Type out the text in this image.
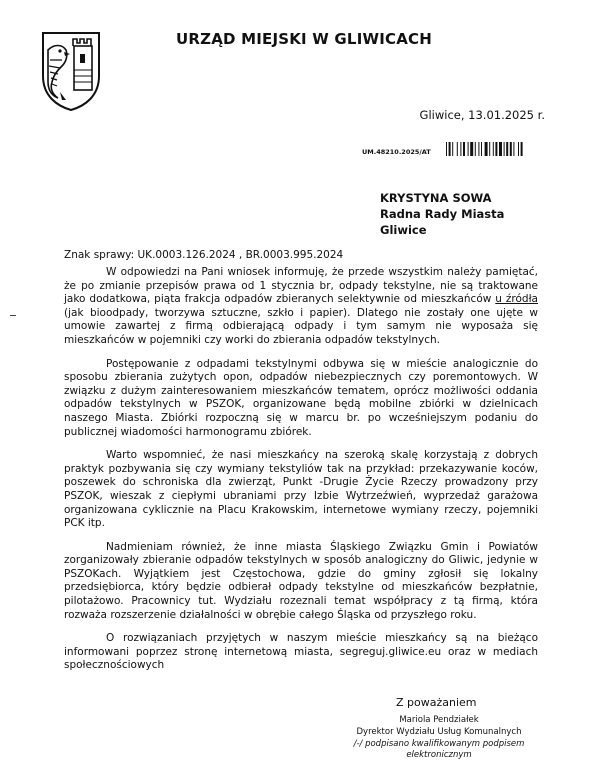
URZĄD MIEJSKI W GLIWICACH
Gliwice, 13.01.2025 r.
UM.48210.2025/AT
KRYSTYNA SOWA
Radna Rady Miasta
Gliwice
Znak sprawy: UK.0003.126.2024 , BR.0003.995.2024

W odpowiedzi na Pani wniosek informuję, że przede wszystkim należy pamiętać, że po zmianie przepisów prawa od 1 stycznia br, odpady tekstylne, nie są traktowane jako dodatkowa, piąta frakcja odpadów zbieranych selektywnie od mieszkańców u źródła (jak bioodpady, tworzywa sztuczne, szkło i papier). Dlatego nie zostały one ujęte w umowie zawartej z firmą odbierającą odpady i tym samym nie wyposaża się mieszkańców w pojemniki czy worki do zbierania odpadów tekstylnych.

Postępowanie z odpadami tekstylnymi odbywa się w mieście analogicznie do sposobu zbierania zużytych opon, odpadów niebezpiecznych czy poremontowych. W związku z dużym zainteresowaniem mieszkańców tematem, oprócz możliwości oddania odpadów tekstylnych w PSZOK, organizowane będą mobilne zbiórki w dzielnicach naszego Miasta. Zbiórki rozpoczną się w marcu br. po wcześniejszym podaniu do publicznej wiadomości harmonogramu zbiórek.

Warto wspomnieć, że nasi mieszkańcy na szeroką skalę korzystają z dobrych praktyk pozbywania się czy wymiany tekstyliów tak na przykład: przekazywanie koców, poszewek do schroniska dla zwierząt, Punkt -Drugie Życie Rzeczy prowadzony przy PSZOK, wieszak z ciepłymi ubraniami przy Izbie Wytrzeźwień, wyprzedaż garażowa organizowana cyklicznie na Placu Krakowskim, internetowe wymiany rzeczy, pojemniki PCK itp.

Nadmieniam również, że inne miasta Śląskiego Związku Gmin i Powiatów zorganizowały zbieranie odpadów tekstylnych w sposób analogiczny do Gliwic, jedynie w PSZOKach. Wyjątkiem jest Częstochowa, gdzie do gminy zgłosił się lokalny przedsiębiorca, który będzie odbierał odpady tekstylne od mieszkańców bezpłatnie, pilotażowo. Pracownicy tut. Wydziału rozeznali temat współpracy z tą firmą, która rozważa rozszerzenie działalności w obrębie całego Śląska od przyszłego roku.

O rozwiązaniach przyjętych w naszym mieście mieszkańcy są na bieżąco informowani poprzez stronę internetową miasta, segreguj.gliwice.eu oraz w mediach społecznościowych

Z poważaniem
Mariola Pendziałek
Dyrektor Wydziału Usług Komunalnych
/-/ podpisano kwalifikowanym podpisem
elektronicznym
